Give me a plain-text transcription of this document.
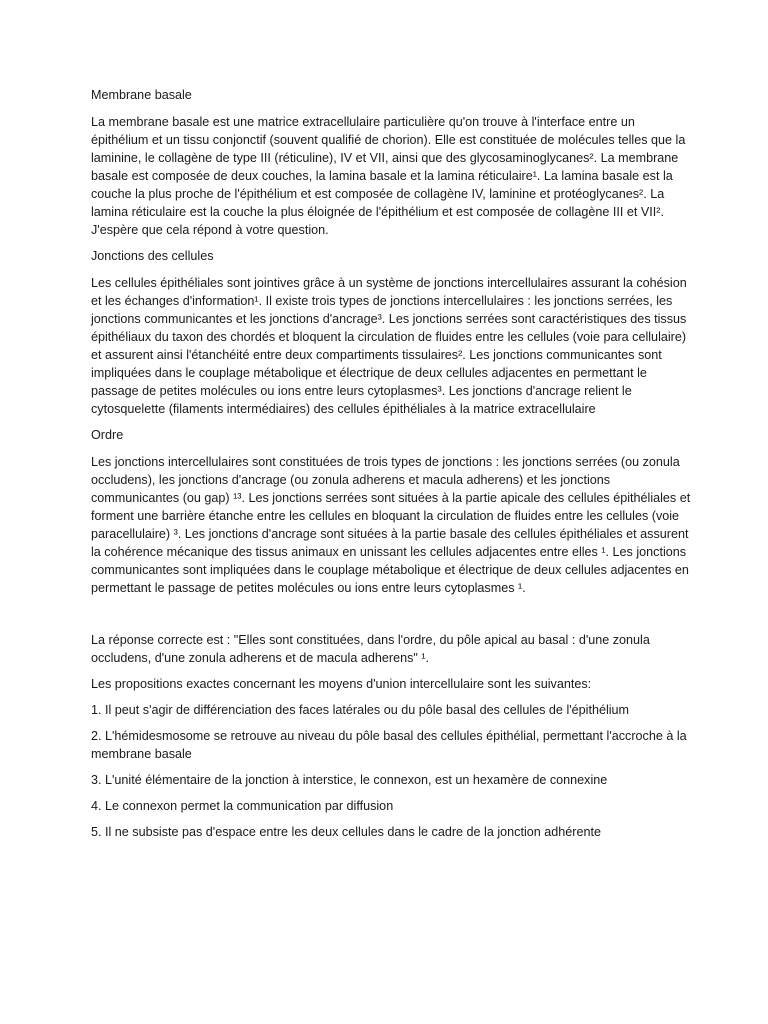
Membrane basale

La membrane basale est une matrice extracellulaire particulière qu'on trouve à l'interface entre un épithélium et un tissu conjonctif (souvent qualifié de chorion). Elle est constituée de molécules telles que la laminine, le collagène de type III (réticuline), IV et VII, ainsi que des glycosaminoglycanes². La membrane basale est composée de deux couches, la lamina basale et la lamina réticulaire¹. La lamina basale est la couche la plus proche de l'épithélium et est composée de collagène IV, laminine et protéoglycanes². La lamina réticulaire est la couche la plus éloignée de l'épithélium et est composée de collagène III et VII². J'espère que cela répond à votre question.

Jonctions des cellules

Les cellules épithéliales sont jointives grâce à un système de jonctions intercellulaires assurant la cohésion et les échanges d'information¹. Il existe trois types de jonctions intercellulaires : les jonctions serrées, les jonctions communicantes et les jonctions d'ancrage³. Les jonctions serrées sont caractéristiques des tissus épithéliaux du taxon des chordés et bloquent la circulation de fluides entre les cellules (voie para cellulaire) et assurent ainsi l'étanchéité entre deux compartiments tissulaires². Les jonctions communicantes sont impliquées dans le couplage métabolique et électrique de deux cellules adjacentes en permettant le passage de petites molécules ou ions entre leurs cytoplasmes³. Les jonctions d'ancrage relient le cytosquelette (filaments intermédiaires) des cellules épithéliales à la matrice extracellulaire

Ordre

Les jonctions intercellulaires sont constituées de trois types de jonctions : les jonctions serrées (ou zonula occludens), les jonctions d'ancrage (ou zonula adherens et macula adherens) et les jonctions communicantes (ou gap) ¹³. Les jonctions serrées sont situées à la partie apicale des cellules épithéliales et forment une barrière étanche entre les cellules en bloquant la circulation de fluides entre les cellules (voie paracellulaire) ³. Les jonctions d'ancrage sont situées à la partie basale des cellules épithéliales et assurent la cohérence mécanique des tissus animaux en unissant les cellules adjacentes entre elles ¹. Les jonctions communicantes sont impliquées dans le couplage métabolique et électrique de deux cellules adjacentes en permettant le passage de petites molécules ou ions entre leurs cytoplasmes ¹.

La réponse correcte est : "Elles sont constituées, dans l'ordre, du pôle apical au basal : d'une zonula occludens, d'une zonula adherens et de macula adherens" ¹.

Les propositions exactes concernant les moyens d'union intercellulaire sont les suivantes:

1. Il peut s'agir de différenciation des faces latérales ou du pôle basal des cellules de l'épithélium

2. L'hémidesmosome se retrouve au niveau du pôle basal des cellules épithélial, permettant l'accroche à la membrane basale

3. L'unité élémentaire de la jonction à interstice, le connexon, est un hexamère de connexine

4. Le connexon permet la communication par diffusion

5. Il ne subsiste pas d'espace entre les deux cellules dans le cadre de la jonction adhérente
